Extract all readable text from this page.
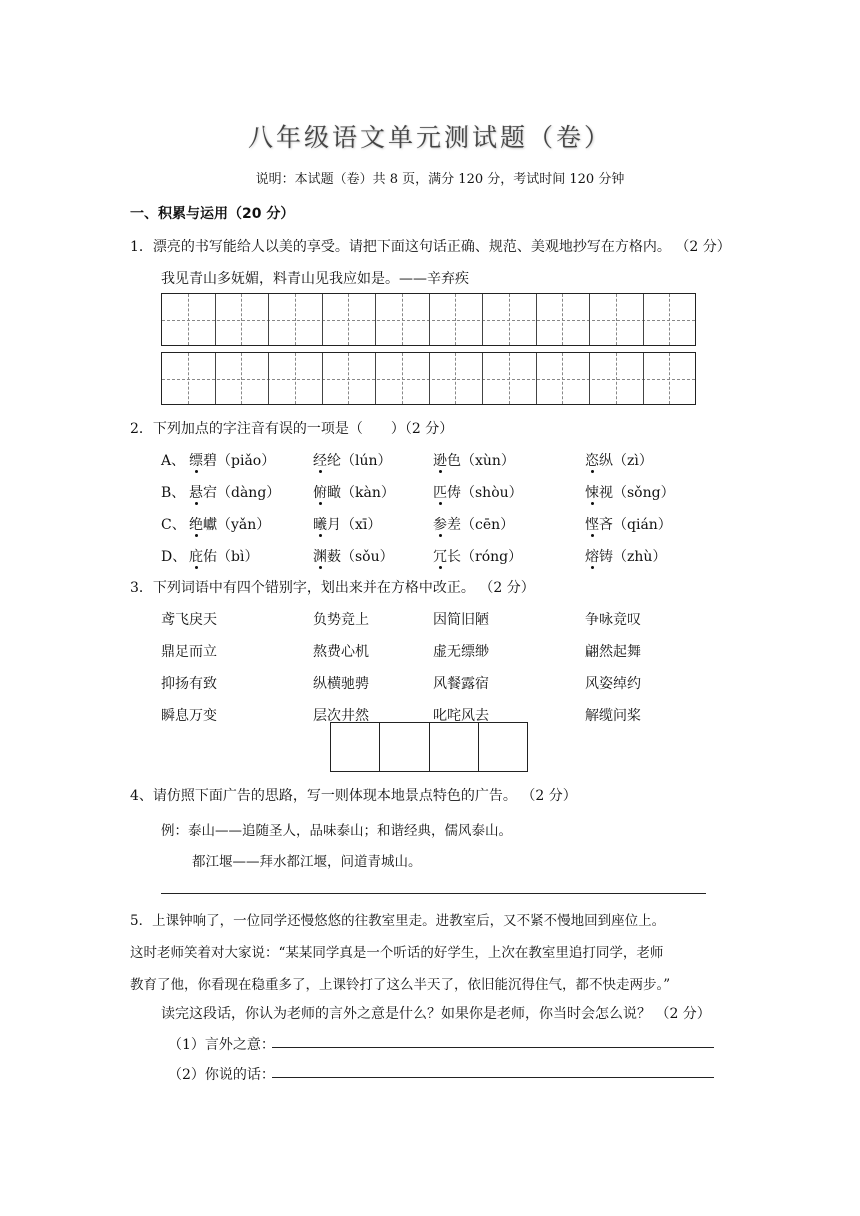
八年级语文单元测试题（卷）
说明：本试题（卷）共 8 页，满分 120 分，考试时间 120 分钟
一、积累与运用（20 分）
1．漂亮的书写能给人以美的享受。请把下面这句话正确、规范、美观地抄写在方格内。 （2 分）
我见青山多妩媚，料青山见我应如是。——辛弃疾
2．下列加点的字注音有误的一项是（　　）（2 分）
A、 缥碧（piǎo）	经纶（lún）	逊色（xùn）	恣纵（zì）
B、 悬宕（dàng） 俯瞰（kàn）	匹俦（shòu）	悚视（sǒng）
C、 绝巘（yǎn）	曦月（xī）	参差（cēn）	悭吝（qián）
D、 庇佑（bì）	渊薮（sǒu）	冗长（róng）	熔铸（zhù）
3．下列词语中有四个错别字，划出来并在方格中改正。 （2 分）
鸢飞戾天	负势竞上	因简旧陋	争咏竞叹
鼎足而立	熬费心机	虚无缥缈	翩然起舞
抑扬有致	纵横驰骋	风餐露宿	风姿绰约
瞬息万变	层次井然	叱咤风去	解缆问桨
4、请仿照下面广告的思路，写一则体现本地景点特色的广告。 （2 分）
例：泰山——追随圣人，品味泰山；和谐经典，儒风泰山。
都江堰——拜水都江堰，问道青城山。
5．上课钟响了，一位同学还慢悠悠的往教室里走。进教室后，又不紧不慢地回到座位上。
这时老师笑着对大家说：“某某同学真是一个听话的好学生，上次在教室里追打同学，老师
教育了他，你看现在稳重多了，上课铃打了这么半天了，依旧能沉得住气，都不快走两步。”
读完这段话，你认为老师的言外之意是什么？如果你是老师，你当时会怎么说？ （2 分）
（1）言外之意：
（2）你说的话：
